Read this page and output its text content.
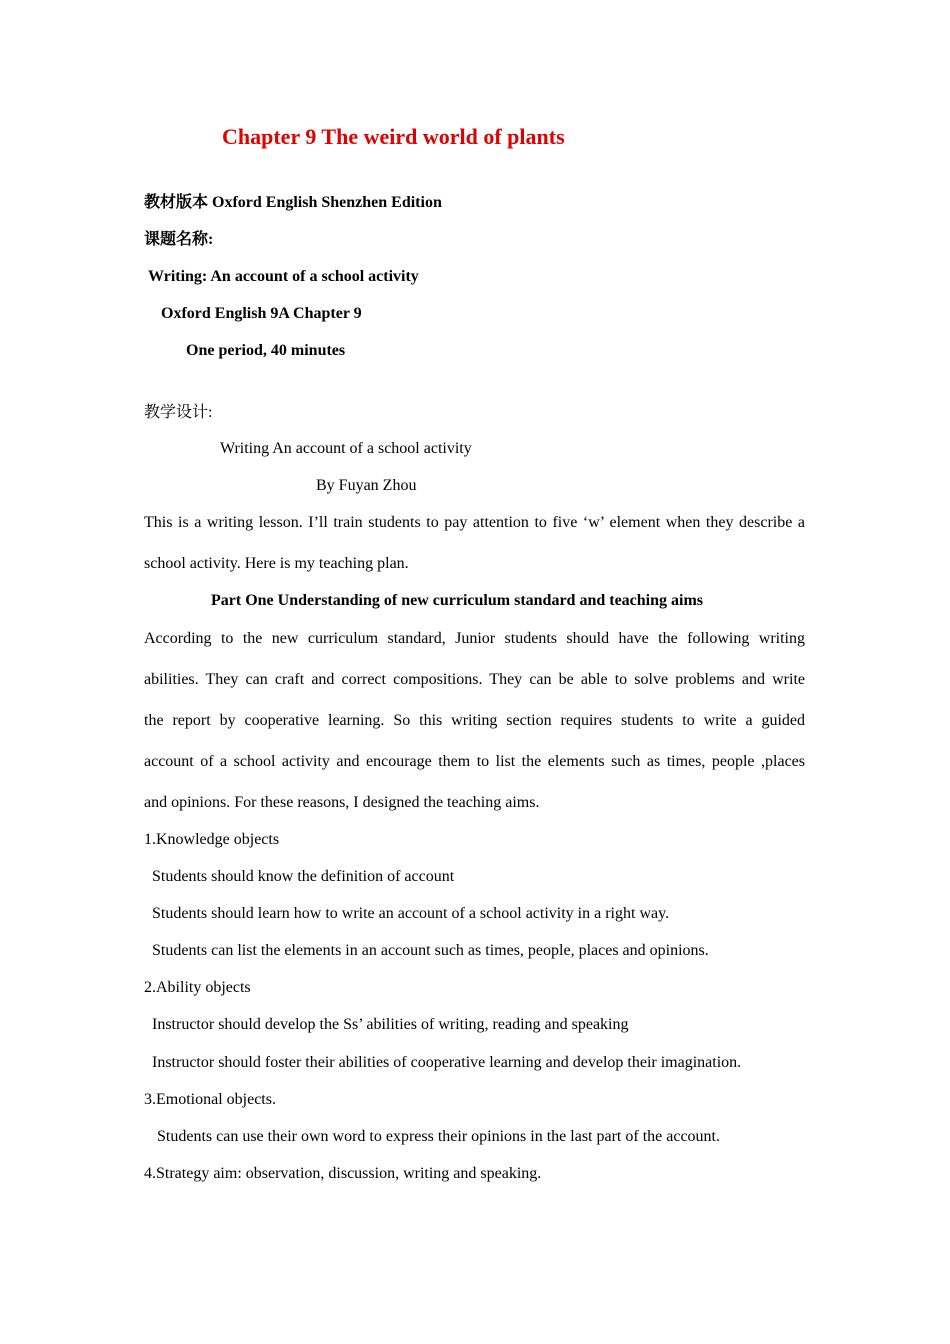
Chapter 9 The weird world of plants
教材版本 Oxford English Shenzhen Edition
课题名称:
Writing: An account of a school activity
Oxford English 9A Chapter 9
One period, 40 minutes
教学设计:
Writing An account of a school activity
By Fuyan Zhou
This is a writing lesson. I’ll train students to pay attention to five ‘w’ element when they describe a
school activity. Here is my teaching plan.
Part One Understanding of new curriculum standard and teaching aims
According to the new curriculum standard, Junior students should have the following writing
abilities. They can craft and correct compositions. They can be able to solve problems and write
the report by cooperative learning. So this writing section requires students to write a guided
account of a school activity and encourage them to list the elements such as times, people ,places
and opinions. For these reasons, I designed the teaching aims.
1.Knowledge objects
Students should know the definition of account
Students should learn how to write an account of a school activity in a right way.
Students can list the elements in an account such as times, people, places and opinions.
2.Ability objects
Instructor should develop the Ss’ abilities of writing, reading and speaking
Instructor should foster their abilities of cooperative learning and develop their imagination.
3.Emotional objects.
Students can use their own word to express their opinions in the last part of the account.
4.Strategy aim: observation, discussion, writing and speaking.
